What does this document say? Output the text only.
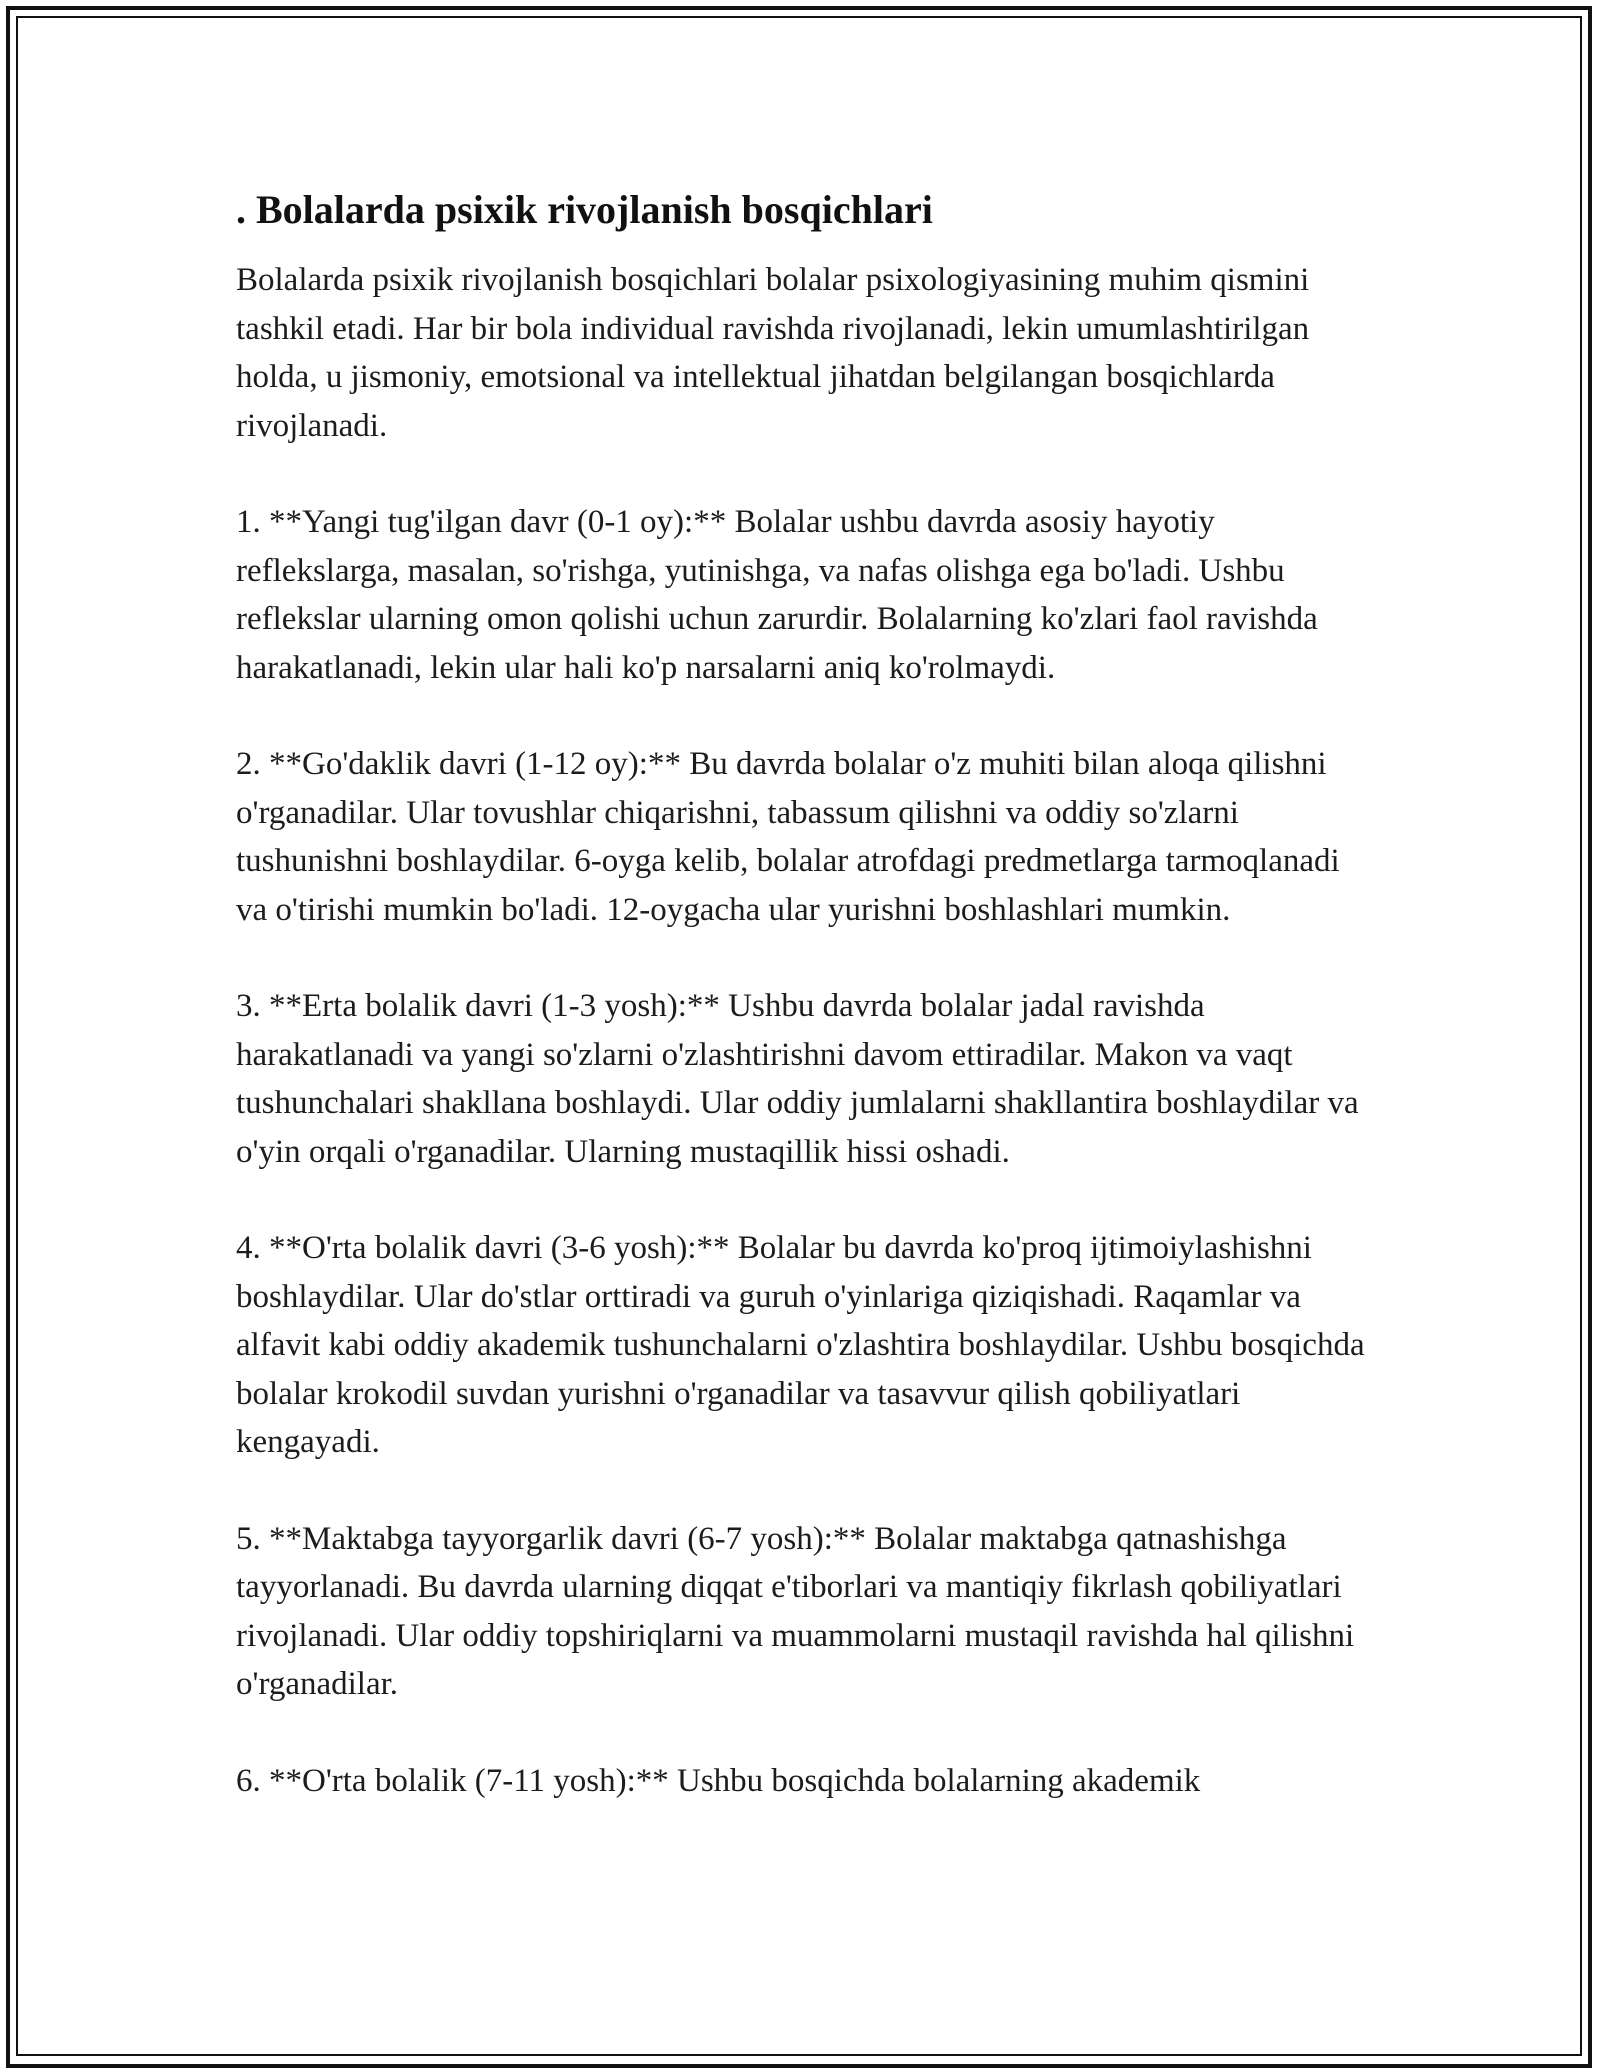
. Bolalarda psixik rivojlanish bosqichlari

Bolalarda psixik rivojlanish bosqichlari bolalar psixologiyasining muhim qismini tashkil etadi. Har bir bola individual ravishda rivojlanadi, lekin umumlashtirilgan holda, u jismoniy, emotsional va intellektual jihatdan belgilangan bosqichlarda rivojlanadi.

1. **Yangi tug'ilgan davr (0-1 oy):** Bolalar ushbu davrda asosiy hayotiy reflekslarga, masalan, so'rishga, yutinishga, va nafas olishga ega bo'ladi. Ushbu reflekslar ularning omon qolishi uchun zarurdir. Bolalarning ko'zlari faol ravishda harakatlanadi, lekin ular hali ko'p narsalarni aniq ko'rolmaydi.

2. **Go'daklik davri (1-12 oy):** Bu davrda bolalar o'z muhiti bilan aloqa qilishni o'rganadilar. Ular tovushlar chiqarishni, tabassum qilishni va oddiy so'zlarni tushunishni boshlaydilar. 6-oyga kelib, bolalar atrofdagi predmetlarga tarmoqlanadi va o'tirishi mumkin bo'ladi. 12-oygacha ular yurishni boshlashlari mumkin.

3. **Erta bolalik davri (1-3 yosh):** Ushbu davrda bolalar jadal ravishda harakatlanadi va yangi so'zlarni o'zlashtirishni davom ettiradilar. Makon va vaqt tushunchalari shakllana boshlaydi. Ular oddiy jumlalarni shakllantira boshlaydilar va o'yin orqali o'rganadilar. Ularning mustaqillik hissi oshadi.

4. **O'rta bolalik davri (3-6 yosh):** Bolalar bu davrda ko'proq ijtimoiylashishni boshlaydilar. Ular do'stlar orttiradi va guruh o'yinlariga qiziqishadi. Raqamlar va alfavit kabi oddiy akademik tushunchalarni o'zlashtira boshlaydilar. Ushbu bosqichda bolalar krokodil suvdan yurishni o'rganadilar va tasavvur qilish qobiliyatlari kengayadi.

5. **Maktabga tayyorgarlik davri (6-7 yosh):** Bolalar maktabga qatnashishga tayyorlanadi. Bu davrda ularning diqqat e'tiborlari va mantiqiy fikrlash qobiliyatlari rivojlanadi. Ular oddiy topshiriqlarni va muammolarni mustaqil ravishda hal qilishni o'rganadilar.

6. **O'rta bolalik (7-11 yosh):** Ushbu bosqichda bolalarning akademik
